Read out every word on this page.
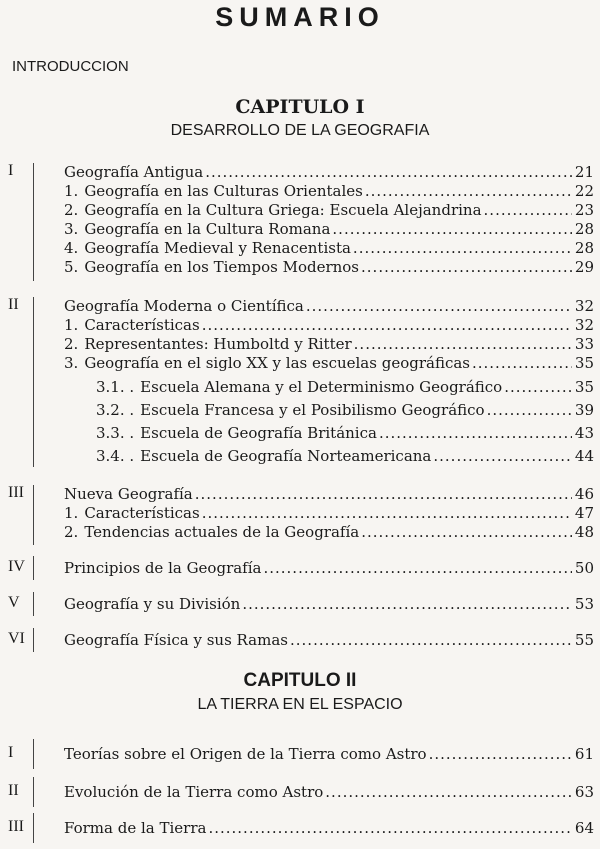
SUMARIO
INTRODUCCION
CAPITULO I
DESARROLLO DE LA GEOGRAFIA
I	Geografía Antigua .....	21
1. Geografía en las Culturas Orientales .....	22
2. Geografía en la Cultura Griega: Escuela Alejandrina .....	23
3. Geografía en la Cultura Romana .....	28
4. Geografía Medieval y Renacentista .....	28
5. Geografía en los Tiempos Modernos .....	29
II	Geografía Moderna o Científica .....	32
1. Características .....	32
2. Representantes: Humboltd y Ritter .....	33
3. Geografía en el siglo XX y las escuelas geográficas .....	35
3.1. . Escuela Alemana y el Determinismo Geográfico .....	35
3.2. . Escuela Francesa y el Posibilismo Geográfico .....	39
3.3. . Escuela de Geografía Británica .....	43
3.4. . Escuela de Geografía Norteamericana .....	44
III	Nueva Geografía .....	46
1. Características .....	47
2. Tendencias actuales de la Geografía .....	48
IV	Principios de la Geografía .....	50
V	Geografía y su División .....	53
VI	Geografía Física y sus Ramas .....	55
CAPITULO II
LA TIERRA EN EL ESPACIO
I	Teorías sobre el Origen de la Tierra como Astro .....	61
II	Evolución de la Tierra como Astro .....	63
III	Forma de la Tierra .....	64
